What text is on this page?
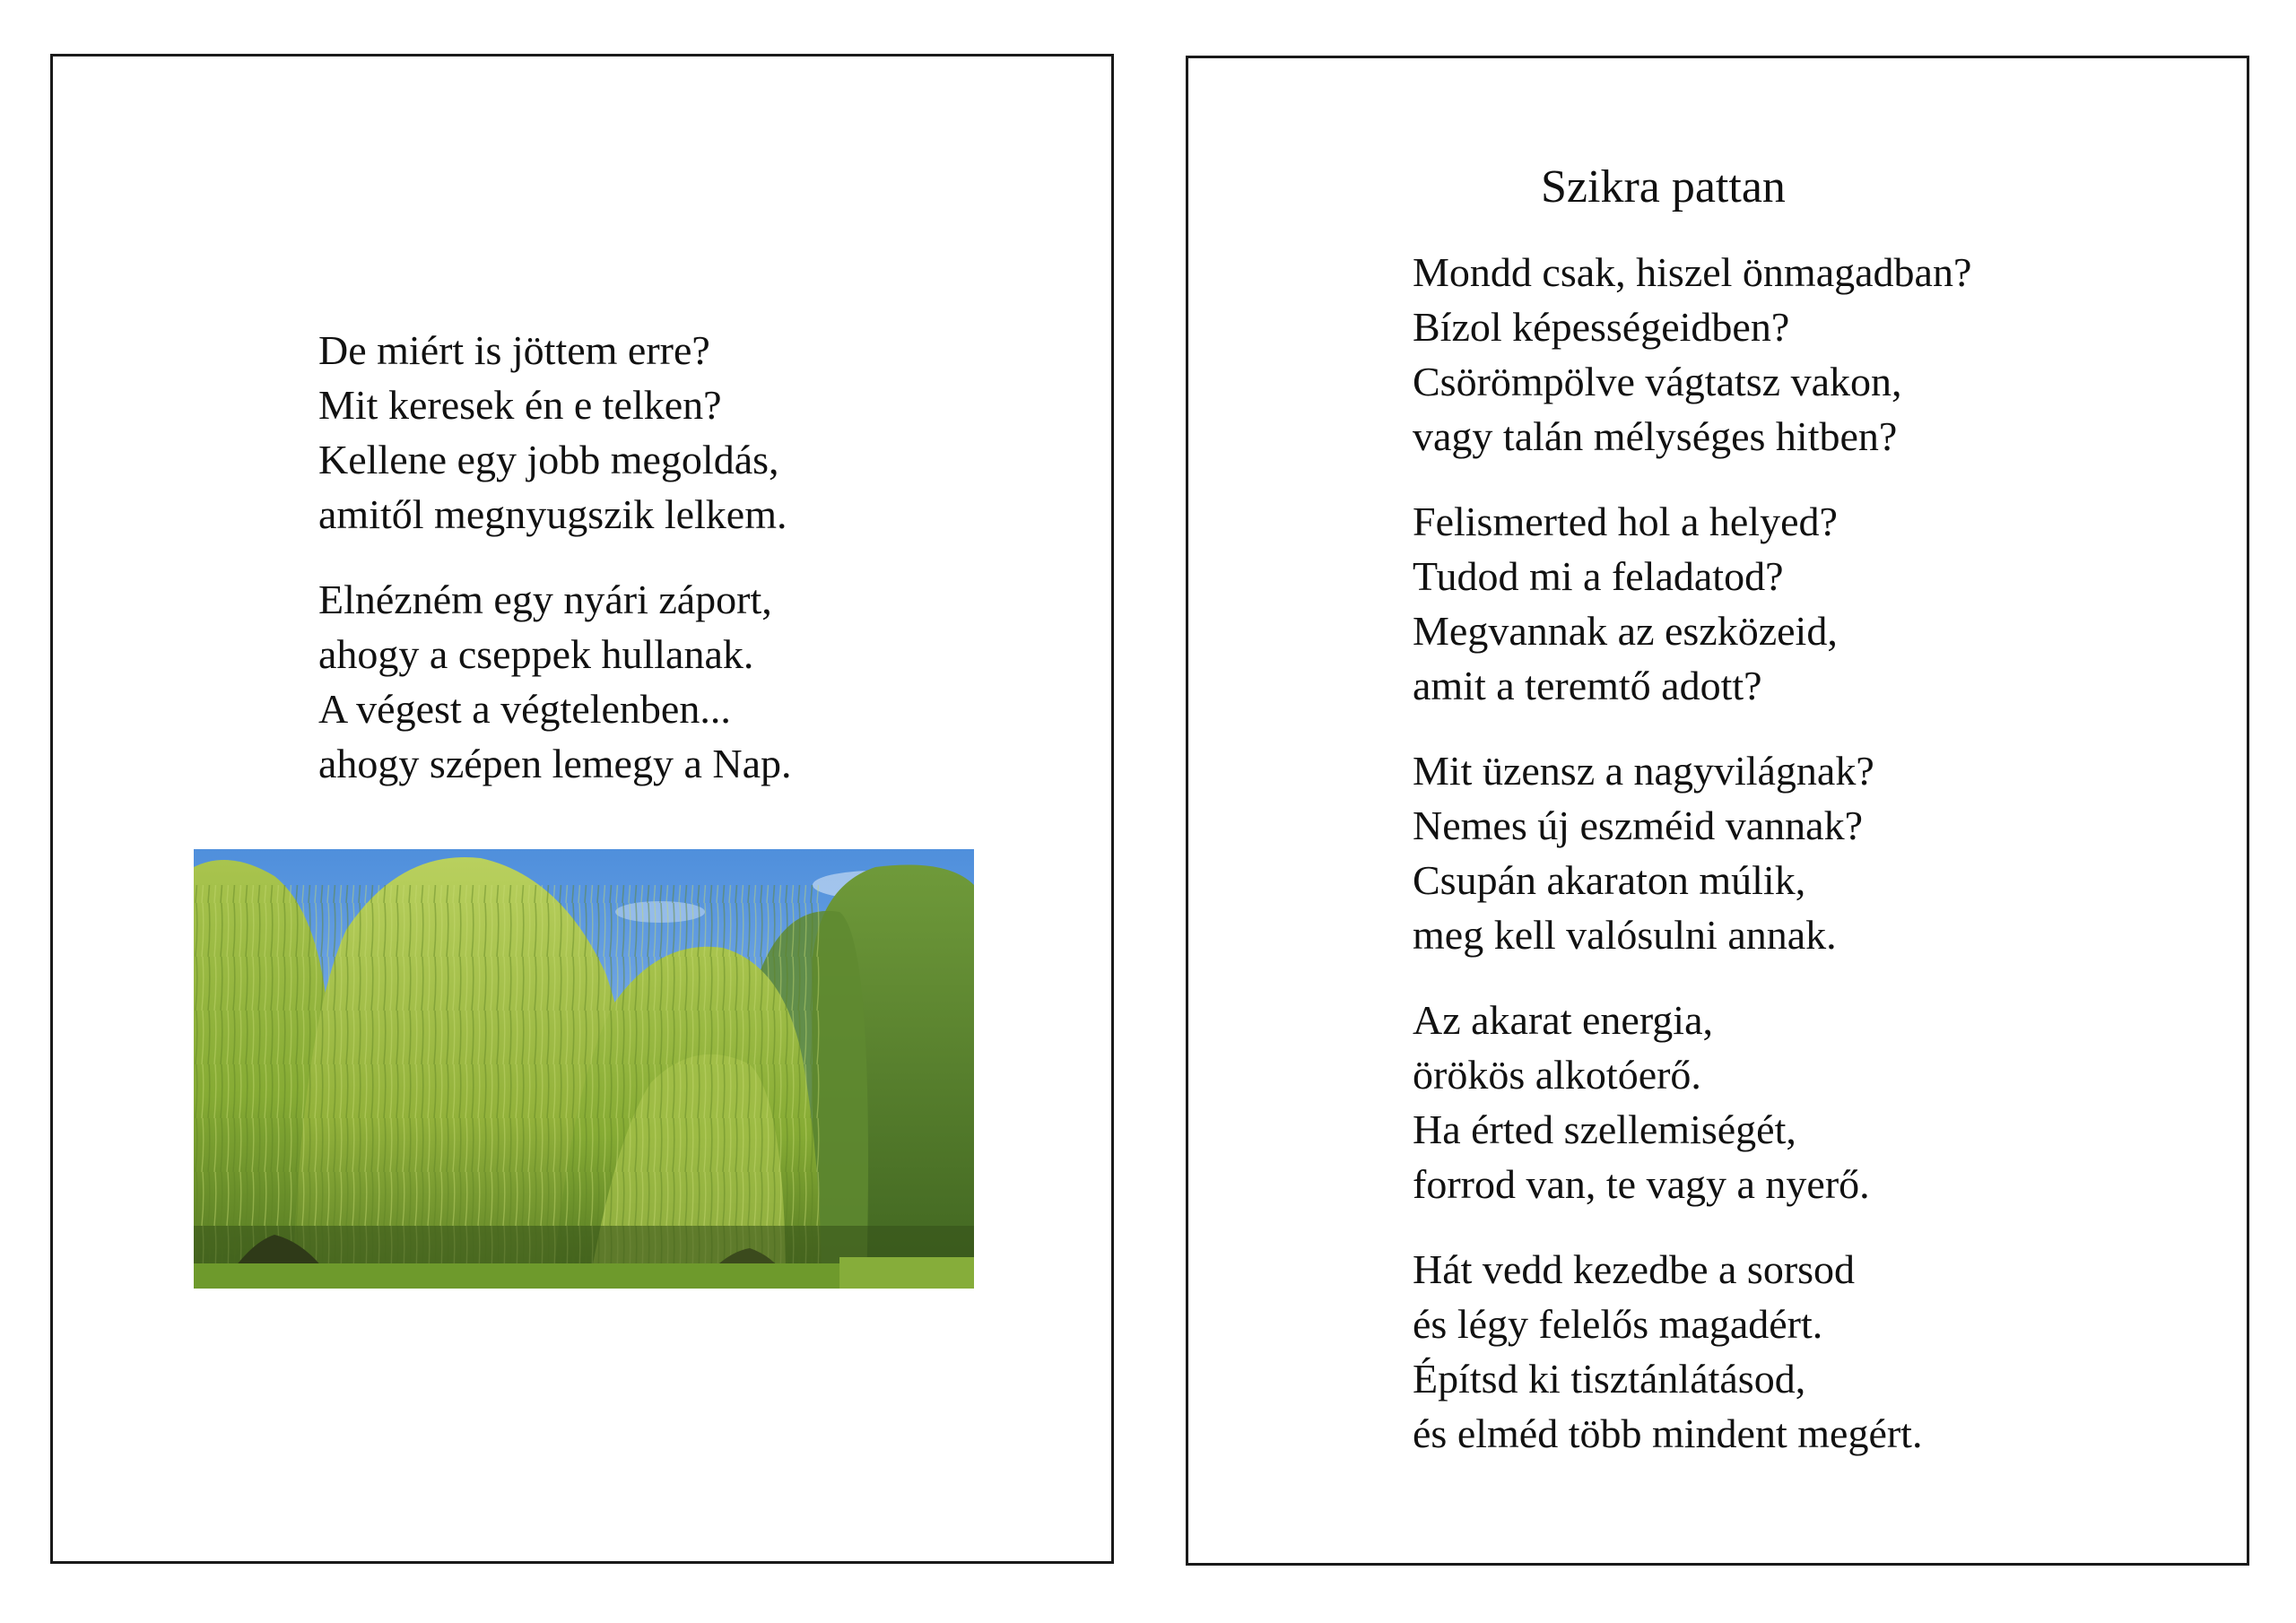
De miért is jöttem erre?
Mit keresek én e telken?
Kellene egy jobb megoldás,
amitől megnyugszik lelkem.
Elnézném egy nyári záport,
ahogy a cseppek hullanak.
A végest a végtelenben...
ahogy szépen lemegy a Nap.
Szikra pattan
Mondd csak, hiszel önmagadban?
Bízol képességeidben?
Csörömpölve vágtatsz vakon,
vagy talán mélységes hitben?
Felismerted hol a helyed?
Tudod mi a feladatod?
Megvannak az eszközeid,
amit a teremtő adott?
Mit üzensz a nagyvilágnak?
Nemes új eszméid vannak?
Csupán akaraton múlik,
meg kell valósulni annak.
Az akarat energia,
örökös alkotóerő.
Ha érted szellemiségét,
forrod van, te vagy a nyerő.
Hát vedd kezedbe a sorsod
és légy felelős magadért.
Építsd ki tisztánlátásod,
és elméd több mindent megért.
